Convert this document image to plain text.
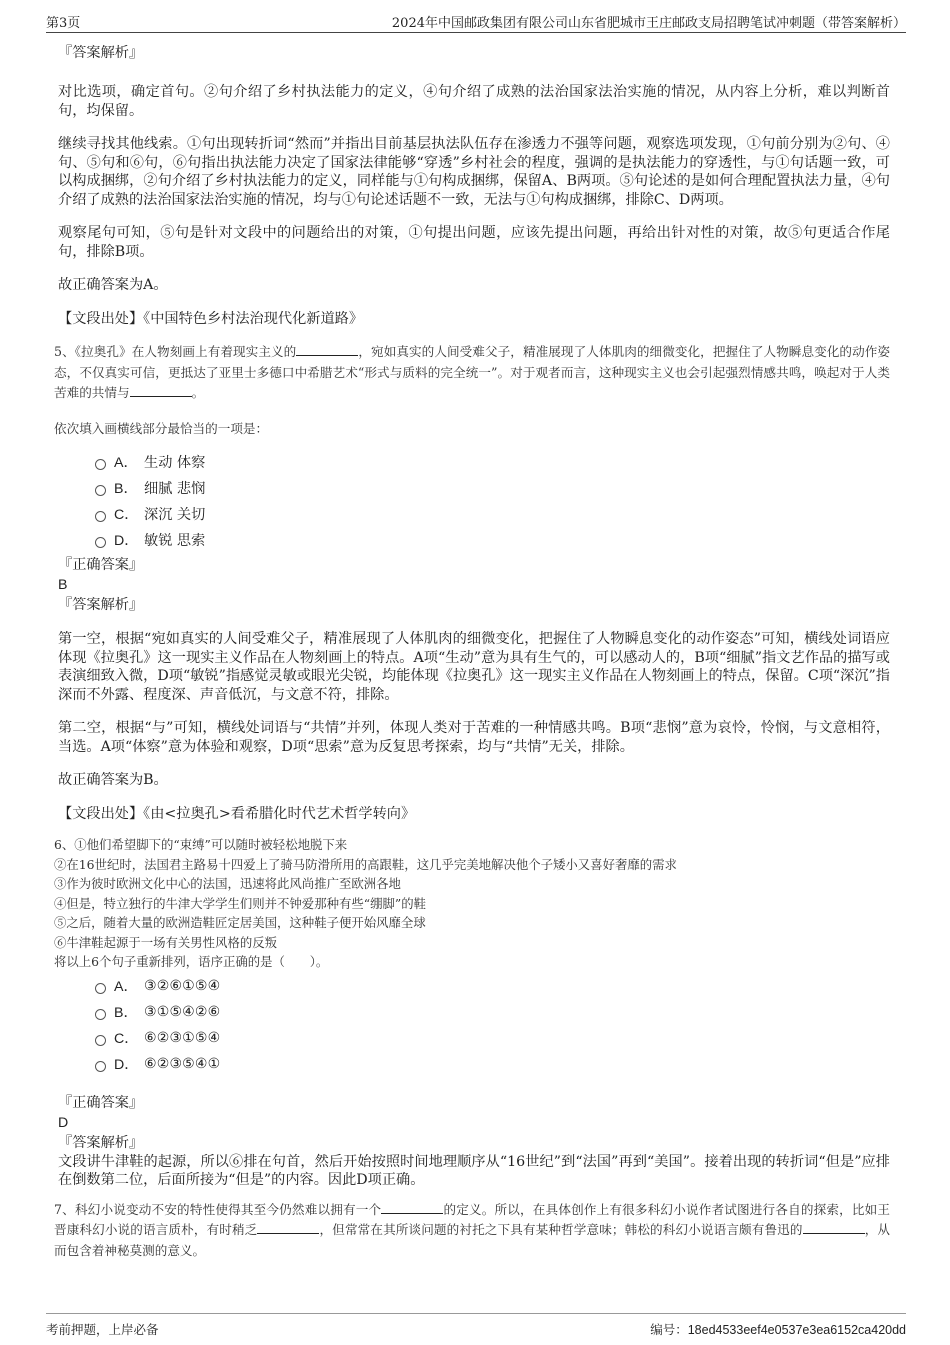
第3页	2024年中国邮政集团有限公司山东省肥城市王庄邮政支局招聘笔试冲刺题（带答案解析）

『答案解析』

对比选项，确定首句。②句介绍了乡村执法能力的定义，④句介绍了成熟的法治国家法治实施的情况，从内容上分析，难以判断首句，均保留。

继续寻找其他线索。①句出现转折词“然而”并指出目前基层执法队伍存在渗透力不强等问题，观察选项发现，①句前分别为②句、④句、⑤句和⑥句，⑥句指出执法能力决定了国家法律能够“穿透”乡村社会的程度，强调的是执法能力的穿透性，与①句话题一致，可以构成捆绑，②句介绍了乡村执法能力的定义，同样能与①句构成捆绑，保留A、B两项。⑤句论述的是如何合理配置执法力量，④句介绍了成熟的法治国家法治实施的情况，均与①句论述话题不一致，无法与①句构成捆绑，排除C、D两项。

观察尾句可知，⑤句是针对文段中的问题给出的对策，①句提出问题，应该先提出问题，再给出针对性的对策，故⑤句更适合作尾句，排除B项。

故正确答案为A。

【文段出处】《中国特色乡村法治现代化新道路》

5、《拉奥孔》在人物刻画上有着现实主义的	，宛如真实的人间受难父子，精准展现了人体肌肉的细微变化，把握住了人物瞬息变化的动作姿态，不仅真实可信，更抵达了亚里士多德口中希腊艺术“形式与质料的完全统一”。对于观者而言，这种现实主义也会引起强烈情感共鸣，唤起对于人类苦难的共情与	。

依次填入画横线部分最恰当的一项是：

A． 生动 体察
B． 细腻 悲悯
C． 深沉 关切
D． 敏锐 思索

『正确答案』

B

『答案解析』

第一空，根据“宛如真实的人间受难父子，精准展现了人体肌肉的细微变化，把握住了人物瞬息变化的动作姿态”可知，横线处词语应体现《拉奥孔》这一现实主义作品在人物刻画上的特点。A项“生动”意为具有生气的，可以感动人的，B项“细腻”指文艺作品的描写或表演细致入微，D项“敏锐”指感觉灵敏或眼光尖锐，均能体现《拉奥孔》这一现实主义作品在人物刻画上的特点，保留。C项“深沉”指深而不外露、程度深、声音低沉，与文意不符，排除。

第二空，根据“与”可知，横线处词语与“共情”并列，体现人类对于苦难的一种情感共鸣。B项“悲悯”意为哀怜，怜悯，与文意相符，当选。A项“体察”意为体验和观察，D项“思索”意为反复思考探索，均与“共情”无关，排除。

故正确答案为B。

【文段出处】《由<拉奥孔>看希腊化时代艺术哲学转向》

6、①他们希望脚下的“束缚”可以随时被轻松地脱下来

②在16世纪时，法国君主路易十四爱上了骑马防滑所用的高跟鞋，这几乎完美地解决他个子矮小又喜好奢靡的需求

③作为彼时欧洲文化中心的法国，迅速将此风尚推广至欧洲各地

④但是，特立独行的牛津大学学生们则并不钟爱那种有些“绷脚”的鞋

⑤之后，随着大量的欧洲造鞋匠定居美国，这种鞋子便开始风靡全球

⑥牛津鞋起源于一场有关男性风格的反叛

将以上6个句子重新排列，语序正确的是（　　）。

A． ③②⑥①⑤④
B． ③①⑤④②⑥
C． ⑥②③①⑤④
D． ⑥②③⑤④①

『正确答案』

D

『答案解析』

文段讲牛津鞋的起源，所以⑥排在句首，然后开始按照时间地理顺序从“16世纪”到“法国”再到“美国”。接着出现的转折词“但是”应排在倒数第二位，后面所接为“但是”的内容。因此D项正确。

7、科幻小说变动不安的特性使得其至今仍然难以拥有一个	的定义。所以，在具体创作上有很多科幻小说作者试图进行各自的探索，比如王晋康科幻小说的语言质朴，有时稍乏	，但常常在其所谈问题的衬托之下具有某种哲学意味；韩松的科幻小说语言颇有鲁迅的	，从而包含着神秘莫测的意义。

考前押题，上岸必备	编号：18ed4533eef4e0537e3ea6152ca420dd
